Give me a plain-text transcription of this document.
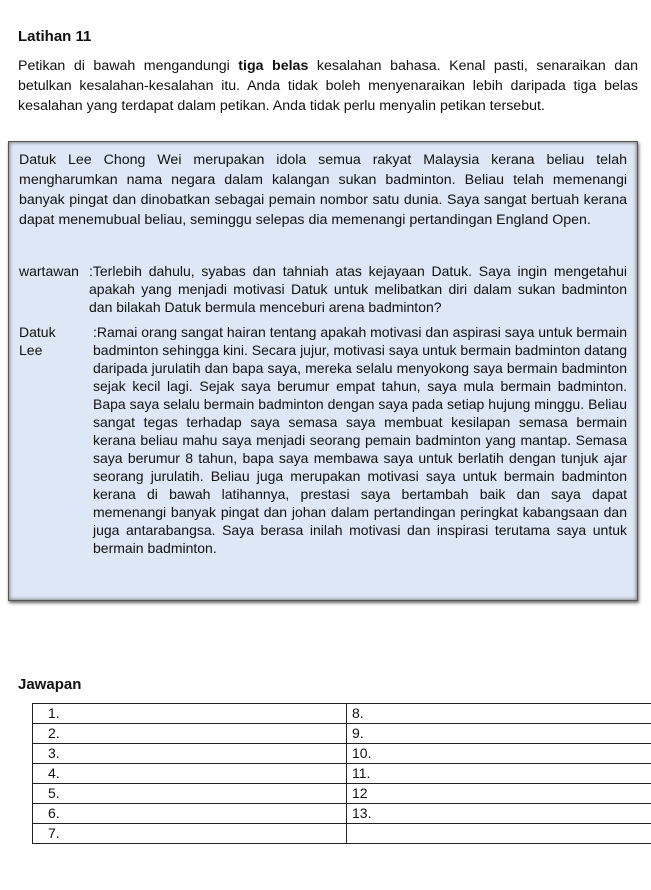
Latihan 11
Petikan di bawah mengandungi tiga belas kesalahan bahasa. Kenal pasti, senaraikan dan betulkan kesalahan-kesalahan itu. Anda tidak boleh menyenaraikan lebih daripada tiga belas kesalahan yang terdapat dalam petikan. Anda tidak perlu menyalin petikan tersebut.
Datuk Lee Chong Wei merupakan idola semua rakyat Malaysia kerana beliau telah mengharumkan nama negara dalam kalangan sukan badminton. Beliau telah memenangi banyak pingat dan dinobatkan sebagai pemain nombor satu dunia. Saya sangat bertuah kerana dapat menemubual beliau, seminggu selepas dia memenangi pertandingan England Open.
wartawan :Terlebih dahulu, syabas dan tahniah atas kejayaan Datuk. Saya ingin mengetahui apakah yang menjadi motivasi Datuk untuk melibatkan diri dalam sukan badminton dan bilakah Datuk bermula menceburi arena badminton?
Datuk Lee
:Ramai orang sangat hairan tentang apakah motivasi dan aspirasi saya untuk bermain badminton sehingga kini. Secara jujur, motivasi saya untuk bermain badminton datang daripada jurulatih dan bapa saya, mereka selalu menyokong saya bermain badminton sejak kecil lagi. Sejak saya berumur empat tahun, saya mula bermain badminton. Bapa saya selalu bermain badminton dengan saya pada setiap hujung minggu. Beliau sangat tegas terhadap saya semasa saya membuat kesilapan semasa bermain kerana beliau mahu saya menjadi seorang pemain badminton yang mantap. Semasa saya berumur 8 tahun, bapa saya membawa saya untuk berlatih dengan tunjuk ajar seorang jurulatih. Beliau juga merupakan motivasi saya untuk bermain badminton kerana di bawah latihannya, prestasi saya bertambah baik dan saya dapat memenangi banyak pingat dan johan dalam pertandingan peringkat kabangsaan dan juga antarabangsa. Saya berasa inilah motivasi dan inspirasi terutama saya untuk bermain badminton.
Jawapan
1.	8.
2.	9.
3.	10.
4.	11.
5.	12
6.	13.
7.	
